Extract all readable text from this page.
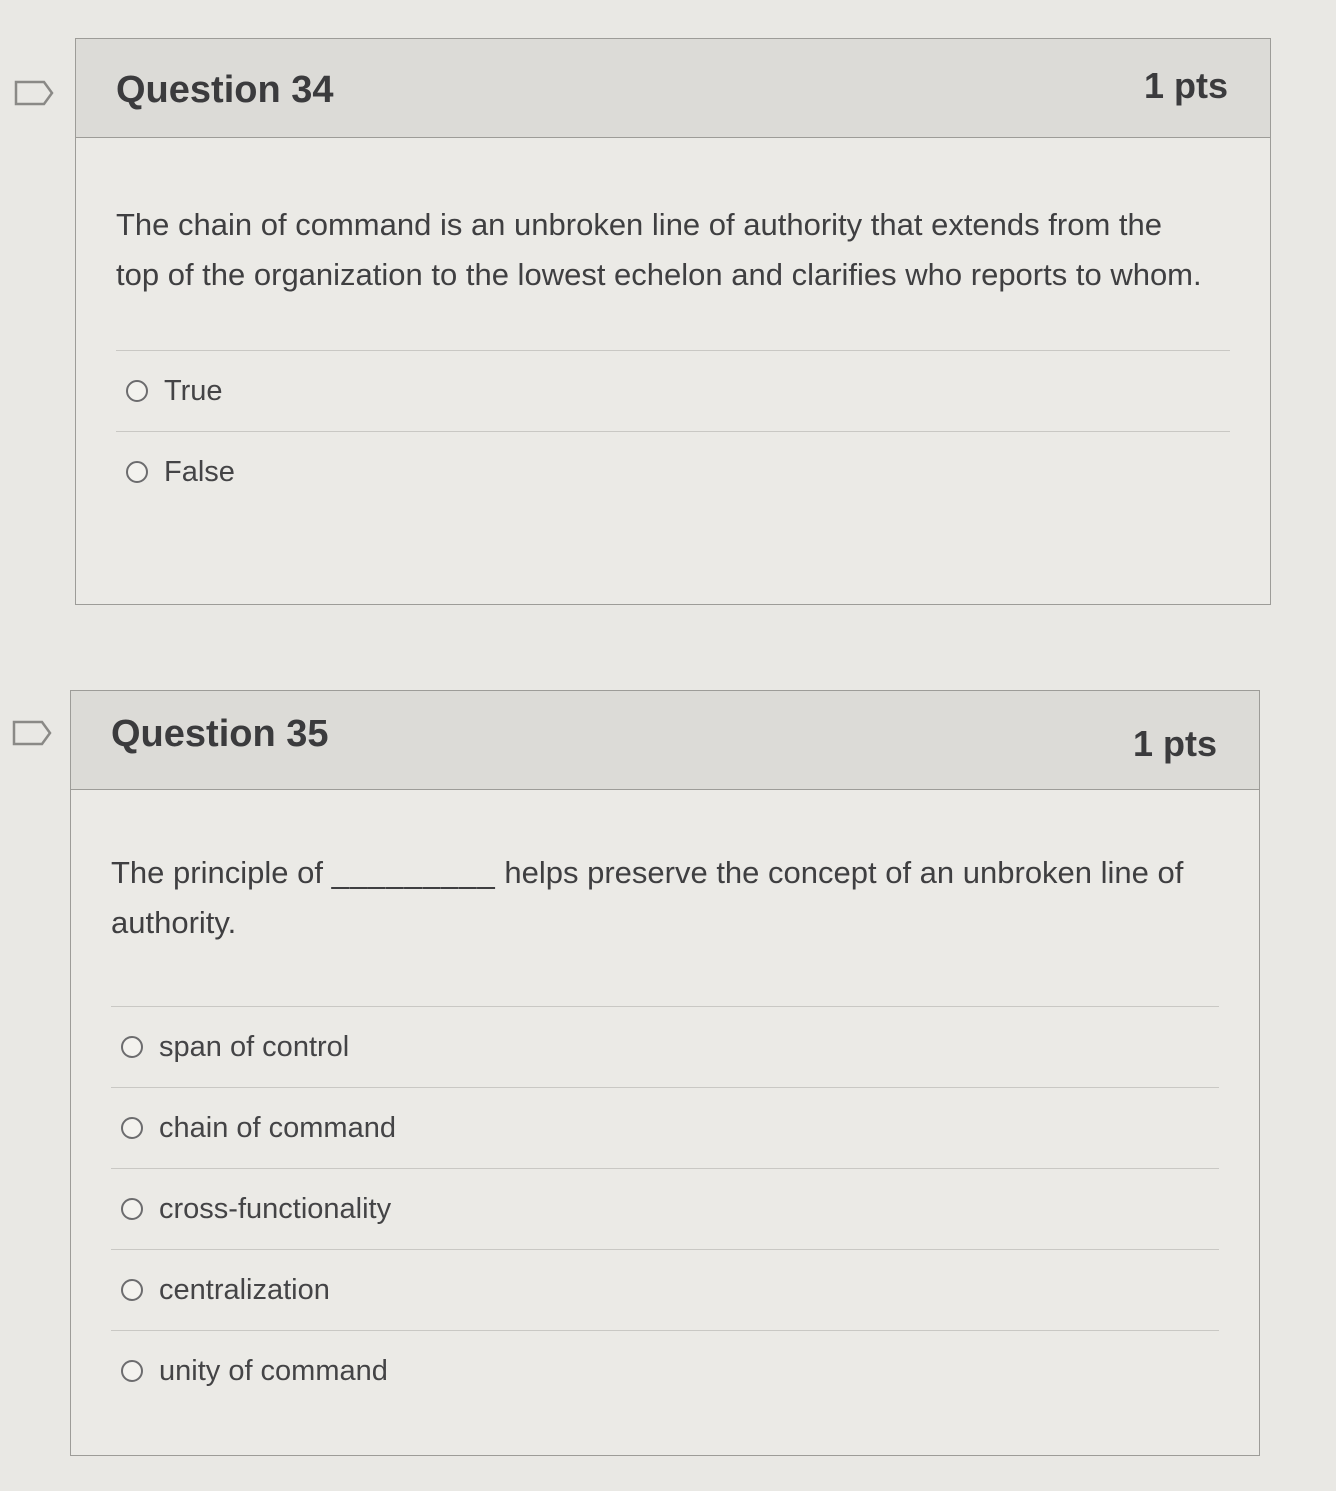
Question 34	1 pts

The chain of command is an unbroken line of authority that extends from the top of the organization to the lowest echelon and clarifies who reports to whom.

True
False
Question 35	1 pts

The principle of _________ helps preserve the concept of an unbroken line of authority.

span of control
chain of command
cross-functionality
centralization
unity of command
